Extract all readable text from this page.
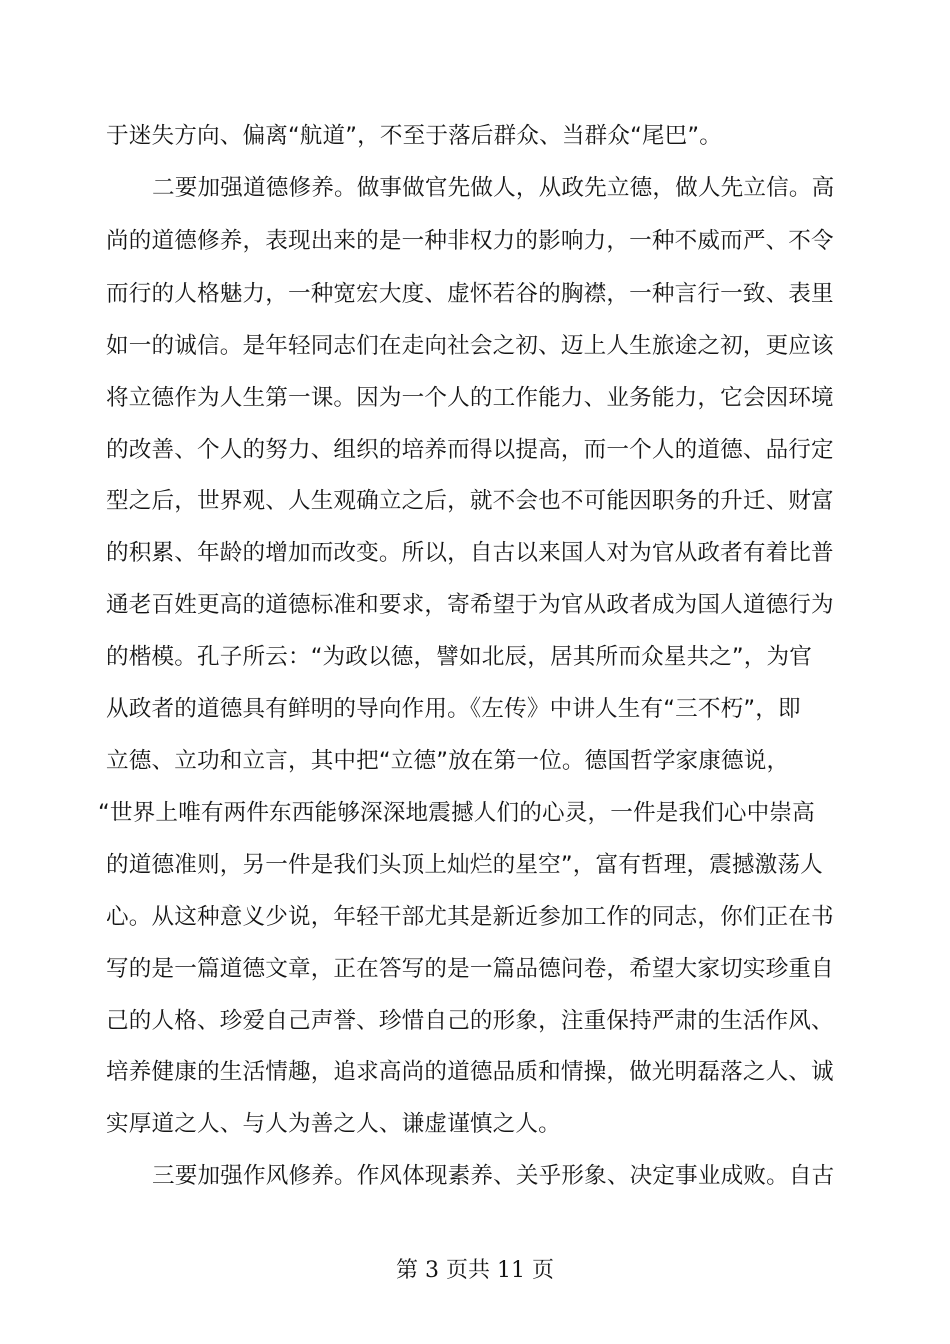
于迷失方向、偏离“航道”，不至于落后群众、当群众“尾巴”。
二要加强道德修养。做事做官先做人，从政先立德，做人先立信。高
尚的道德修养，表现出来的是一种非权力的影响力，一种不威而严、不令
而行的人格魅力，一种宽宏大度、虚怀若谷的胸襟，一种言行一致、表里
如一的诚信。是年轻同志们在走向社会之初、迈上人生旅途之初，更应该
将立德作为人生第一课。因为一个人的工作能力、业务能力，它会因环境
的改善、个人的努力、组织的培养而得以提高，而一个人的道德、品行定
型之后，世界观、人生观确立之后，就不会也不可能因职务的升迁、财富
的积累、年龄的增加而改变。所以，自古以来国人对为官从政者有着比普
通老百姓更高的道德标准和要求，寄希望于为官从政者成为国人道德行为
的楷模。孔子所云：“为政以德，譬如北辰，居其所而众星共之”，为官
从政者的道德具有鲜明的导向作用。《左传》中讲人生有“三不朽”，即
立德、立功和立言，其中把“立德”放在第一位。德国哲学家康德说，
“世界上唯有两件东西能够深深地震撼人们的心灵，一件是我们心中崇高
的道德准则，另一件是我们头顶上灿烂的星空”，富有哲理，震撼激荡人
心。从这种意义少说，年轻干部尤其是新近参加工作的同志，你们正在书
写的是一篇道德文章，正在答写的是一篇品德问卷，希望大家切实珍重自
己的人格、珍爱自己声誉、珍惜自己的形象，注重保持严肃的生活作风、
培养健康的生活情趣，追求高尚的道德品质和情操，做光明磊落之人、诚
实厚道之人、与人为善之人、谦虚谨慎之人。
三要加强作风修养。作风体现素养、关乎形象、决定事业成败。自古
第 3 页共 11 页
